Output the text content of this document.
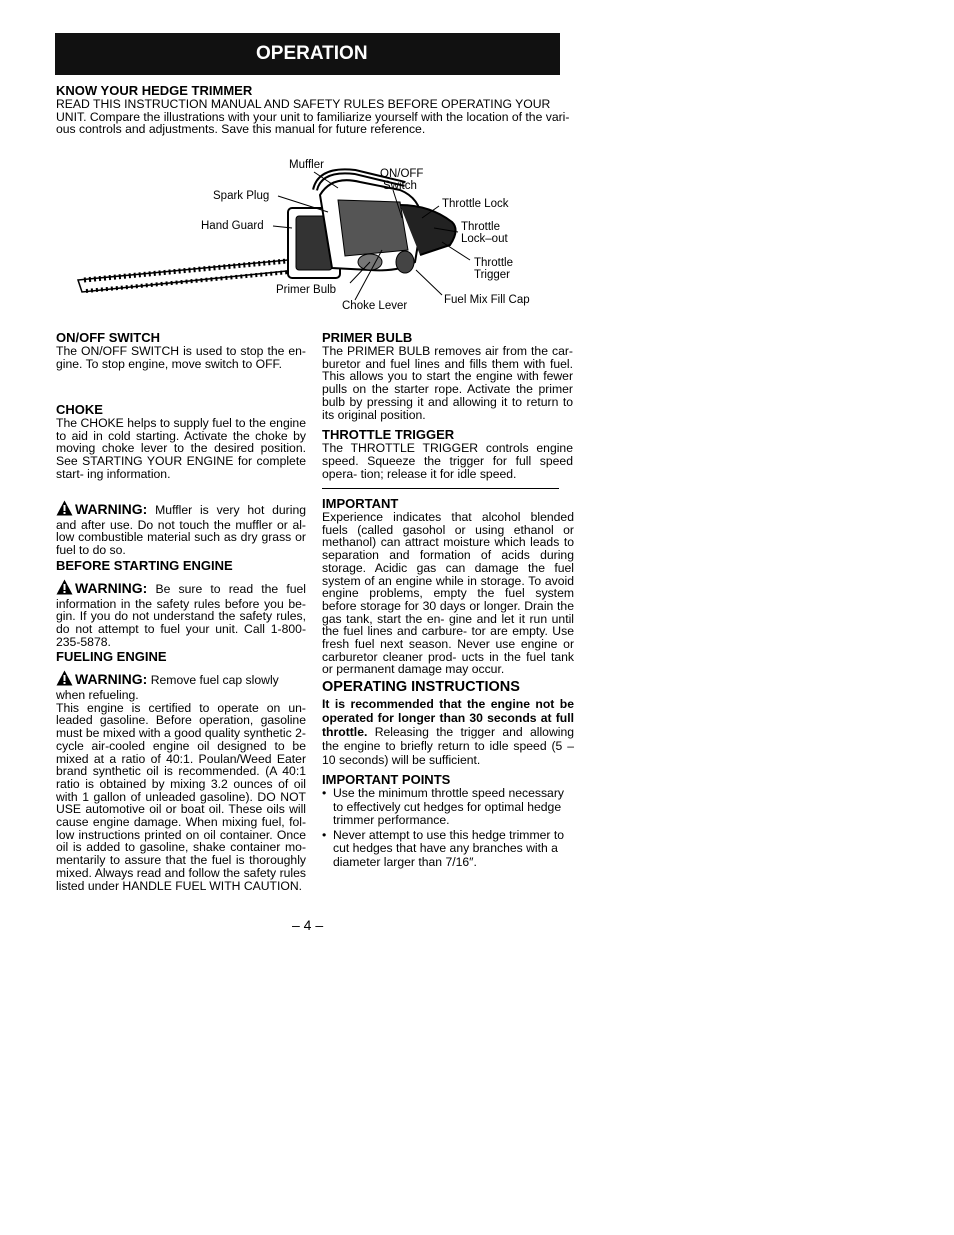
OPERATION
KNOW YOUR HEDGE TRIMMER
READ THIS INSTRUCTION MANUAL AND SAFETY RULES BEFORE OPERATING YOUR
UNIT. Compare the illustrations with your unit to familiarize yourself with the location of the vari-
ous controls and adjustments. Save this manual for future reference.
Muffler
ON/OFF
Switch
Spark Plug
Throttle Lock
Hand Guard	Throttle
Lock–out
Throttle
Trigger
Primer Bulb
Fuel Mix Fill Cap
Choke Lever
ON/OFF SWITCH
The ON/OFF SWITCH is used to stop the en- gine. To stop engine, move switch to OFF.
CHOKE
The CHOKE helps to supply fuel to the engine to aid in cold starting. Activate the choke by moving choke lever to the desired position. See STARTING YOUR ENGINE for complete start- ing information.
PRIMER BULB
The PRIMER BULB removes air from the car- buretor and fuel lines and fills them with fuel. This allows you to start the engine with fewer pulls on the starter rope. Activate the primer bulb by pressing it and allowing it to return to its original position.
THROTTLE TRIGGER
The THROTTLE TRIGGER controls engine speed. Squeeze the trigger for full speed opera- tion; release it for idle speed.
WARNING: Muffler is very hot during and after use. Do not touch the muffler or al- low combustible material such as dry grass or fuel to do so.
BEFORE STARTING ENGINE
WARNING: Be sure to read the fuel information in the safety rules before you be- gin. If you do not understand the safety rules, do not attempt to fuel your unit. Call 1-800-235-5878.
FUELING ENGINE
WARNING: Remove fuel cap slowly when refueling.
This engine is certified to operate on un- leaded gasoline. Before operation, gasoline must be mixed with a good quality synthetic 2-cycle air-cooled engine oil designed to be mixed at a ratio of 40:1. Poulan/Weed Eater brand synthetic oil is recommended. (A 40:1 ratio is obtained by mixing 3.2 ounces of oil with 1 gallon of unleaded gasoline). DO NOT USE automotive oil or boat oil. These oils will cause engine damage. When mixing fuel, fol- low instructions printed on oil container. Once oil is added to gasoline, shake container mo- mentarily to assure that the fuel is thoroughly mixed. Always read and follow the safety rules listed under HANDLE FUEL WITH CAUTION.
IMPORTANT
Experience indicates that alcohol blended fuels (called gasohol or using ethanol or methanol) can attract moisture which leads to separation and formation of acids during storage. Acidic gas can damage the fuel system of an engine while in storage. To avoid engine problems, empty the fuel system before storage for 30 days or longer. Drain the gas tank, start the en- gine and let it run until the fuel lines and carbure- tor are empty. Use fresh fuel next season. Never use engine or carburetor cleaner prod- ucts in the fuel tank or permanent damage may occur.
OPERATING INSTRUCTIONS
It is recommended that the engine not be operated for longer than 30 seconds at full throttle. Releasing the trigger and allowing the engine to briefly return to idle speed (5 – 10 seconds) will be sufficient.
IMPORTANT POINTS
• Use the minimum throttle speed necessary to effectively cut hedges for optimal hedge trimmer performance.
• Never attempt to use this hedge trimmer to cut hedges that have any branches with a diameter larger than 7/16″.
– 4 –
